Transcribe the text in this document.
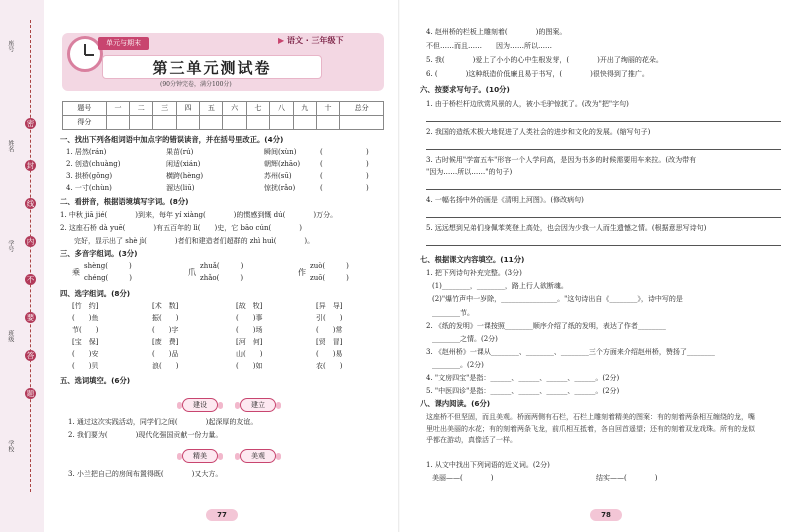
座号
姓名
学号
班级
学校
密
封
线
内
不
要
答
题
单元与期末	▶ 语文 · 三年级下
第三单元测试卷
(90分钟完卷，满分100分)
题号	一	二	三	四	五	六	七	八	九	十	总分
得分											
一、找出下列各组词语中加点字的错误读音，并在括号里改正。(4分)
1. 居然(rán)	果苗(rú)	瞬间(xùn)	(	)
2. 创造(chuàng)	闲适(xián)	朝辉(zhāo)	(	)
3. 拱桥(gǒng)	横跨(hèng)	苏州(sū)	(	)
4. 一寸(chùn)	溜达(liū)	惊扰(rǎo)	(	)
二、看拼音，根据语境填写字词。(8分)
1. 中秋 jiā jié(　　　　)到来，每年 yí xiàng(　　　　)的惯感到慨 dú(　　　　)万分。
2. 这座石桥 dà yuē(　　　　)有五百年的 lì(　　)史，它 bāo cún(　　　　)
完好，显示出了 shè jì(　　　　)者们和建造者们超群的 zhì huì(　　　　)。
三、多音字组词。(3分)
乘
shèng(　　　)
chéng(　　　)
爪
zhuǎ(　　　)
zhǎo(　　　)
作
zuò(　　　)
zuō(　　　)
四、选字组词。(8分)
[竹　约]	[术　数]	[故　牧]	[异　导]
(　　)鱼	振(　　)	(　　)事	引(　　)
节(　　)	(　　)字	(　　)场	(　　)常
[宝　保]	[废　费]	[河　何]	[贸　冒]
(　　)安	(　　)品	山(　　)	(　　)易
(　　)贝	浪(　　)	(　　)如	农(　　)
五、选词填空。(6分)
建设	建立
1. 通过这次实践活动，同学们之间(　　　　)起深厚的友谊。
2. 我们要为(　　　　)现代化强国贡献一份力量。
精美	美观
3. 小兰把自己的房间布置得既(　　　　)又大方。
77
4. 赵州桥的栏板上雕刻着(　　　　)的图案。
不但……而且……　　因为……所以……
5. 我(　　　　)爱上了小小的心中生根发芽，(　　　　)开出了绚丽的花朵。
6. (　　　　)这种纸造价低廉且易于书写，(　　　　)很快得到了推广。
六、按要求写句子。(10分)
1. 由于桥栏杆边欣赏风景的人，被小毛驴惊扰了。(改为"把"字句)
2. 我国的造纸术极大地促进了人类社会的进步和文化的发展。(缩写句子)
3. 古时候用"学富五车"形容一个人学问高，是因为书多的时候需要用车来拉。(改为带有
"因为……所以……"的句子)
4. 一幅名扬中外的画是《清明上河图》。(修改病句)
5. 远远想到兄弟们身佩苯荚登上高处，也会因为少我一人而生遗憾之情。(根据意思写诗句)
七、根据课文内容填空。(11分)
1. 把下列诗句补充完整。(3分)
(1)________，________，路上行人欲断魂。
(2)"爆竹声中一岁除，________________。"这句诗出自《________》，诗中写的是
________节。
2. 《纸的发明》一课按照________顺序介绍了纸的发明，表达了作者________
________之情。(2分)
3. 《赵州桥》一课从________、________、________三个方面来介绍赵州桥，赞扬了________
________。(2分)
4. "文房四宝"是指：______、______、______、______。(2分)
5. "中医四诊"是指：______、______、______、______。(2分)
八、课内阅读。(6分)
这座桥不但坚固，而且美观。桥面两侧有石栏，石栏上雕刻着精美的图案：有的刻着两条相互缠绕的龙，嘴里吐出美丽的水花；有的刻着两条飞龙，前爪相互抵着，各自回首遥望；还有的刻着双龙戏珠。所有的龙似乎都在游动，真像活了一样。
1. 从文中找出下列词语的近义词。(2分)
美丽——(　　　　)	结实——(　　　　)
78
